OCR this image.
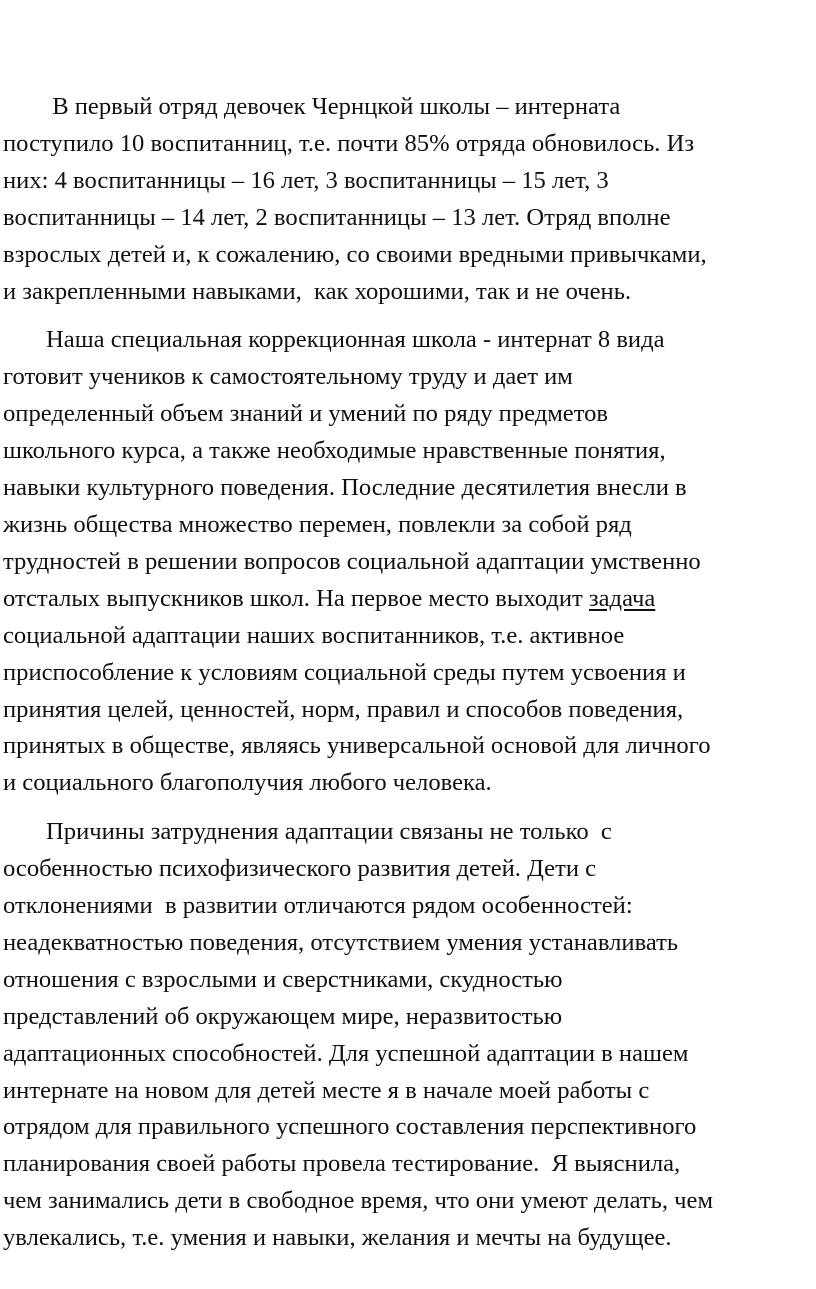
В первый отряд девочек Чернцкой школы – интерната
поступило 10 воспитанниц, т.е. почти 85% отряда обновилось. Из
них: 4 воспитанницы – 16 лет, 3 воспитанницы – 15 лет, 3
воспитанницы – 14 лет, 2 воспитанницы – 13 лет. Отряд вполне
взрослых детей и, к сожалению, со своими вредными привычками,
и закрепленными навыками,  как хорошими, так и не очень.
Наша специальная коррекционная школа - интернат 8 вида
готовит учеников к самостоятельному труду и дает им
определенный объем знаний и умений по ряду предметов
школьного курса, а также необходимые нравственные понятия,
навыки культурного поведения. Последние десятилетия внесли в
жизнь общества множество перемен, повлекли за собой ряд
трудностей в решении вопросов социальной адаптации умственно
отсталых выпускников школ. На первое место выходит задача
социальной адаптации наших воспитанников, т.е. активное
приспособление к условиям социальной среды путем усвоения и
принятия целей, ценностей, норм, правил и способов поведения,
принятых в обществе, являясь универсальной основой для личного
и социального благополучия любого человека.
Причины затруднения адаптации связаны не только  с
особенностью психофизического развития детей. Дети с
отклонениями  в развитии отличаются рядом особенностей:
неадекватностью поведения, отсутствием умения устанавливать
отношения с взрослыми и сверстниками, скудностью
представлений об окружающем мире, неразвитостью
адаптационных способностей. Для успешной адаптации в нашем
интернате на новом для детей месте я в начале моей работы с
отрядом для правильного успешного составления перспективного
планирования своей работы провела тестирование.  Я выяснила,
чем занимались дети в свободное время, что они умеют делать, чем
увлекались, т.е. умения и навыки, желания и мечты на будущее.
